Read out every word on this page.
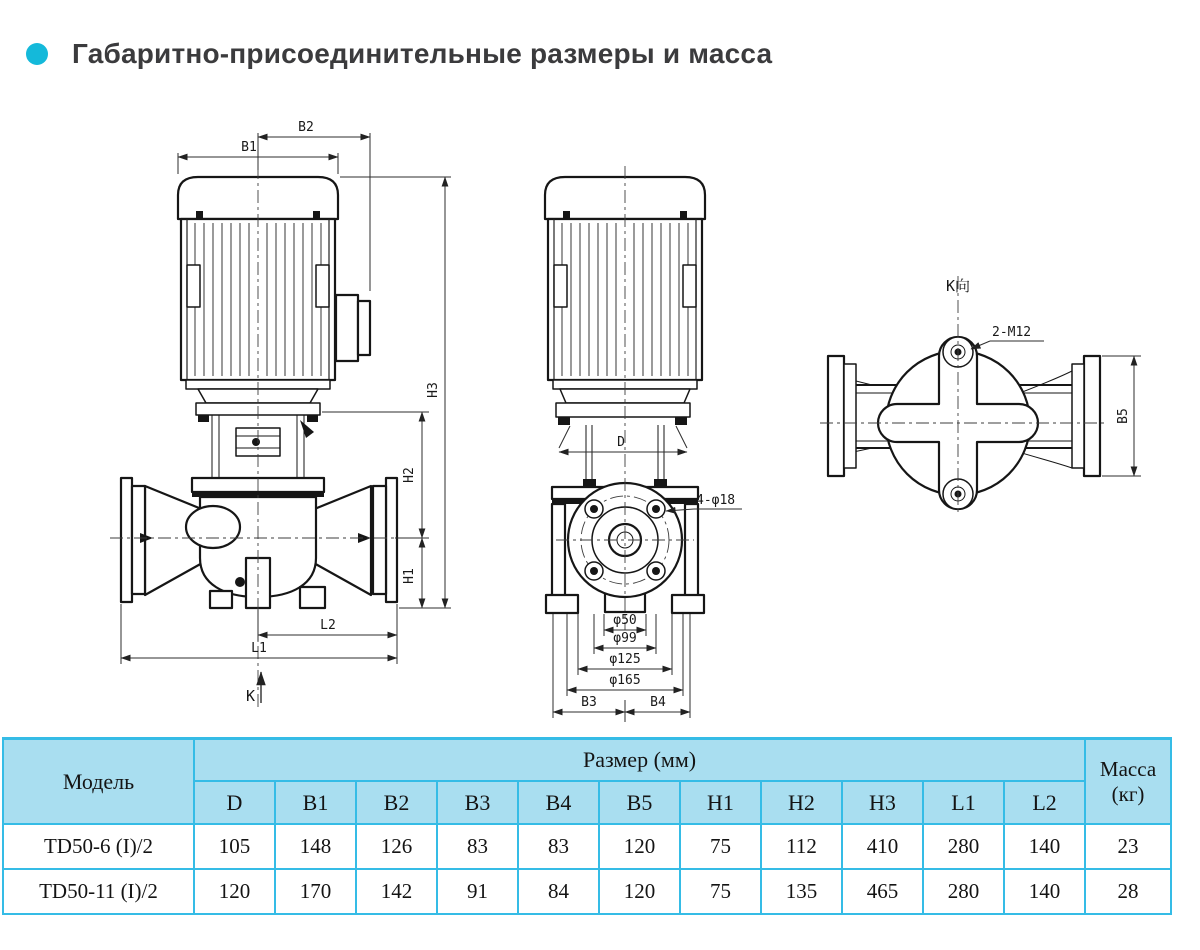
Габаритно-присоединительные размеры и масса
B2
B1
H3
H2
H1
L2
L1
K
D
4-φ18
φ50
φ99
φ125
φ165
B3	B4
K向
2-M12
B5
Модель	Размер (мм)											Масса (кг)
	D	B1	B2	B3	B4	B5	H1	H2	H3	L1	L2	
TD50-6 (I)/2	105	148	126	83	83	120	75	112	410	280	140	23
TD50-11 (I)/2	120	170	142	91	84	120	75	135	465	280	140	28
